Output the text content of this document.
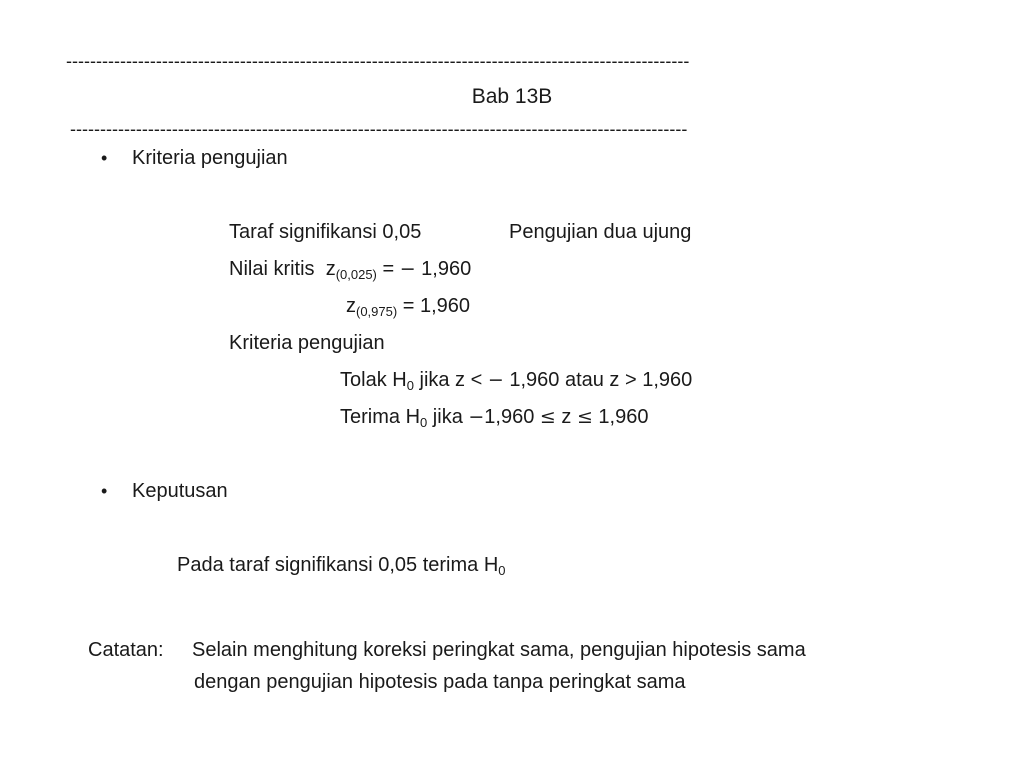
--------------------------------------------------------------------------------------------------------
Bab 13B
-------------------------------------------------------------------------------------------------------
• Kriteria pengujian
Taraf signifikansi 0,05	Pengujian dua ujung
Nilai kritis $z_{(0,025)}$ = − 1,960
$z_{(0,975)} = 1,960$
Kriteria pengujian
Tolak $H_0$ jika z < − 1,960 atau z > 1,960
Terima $H_0$ jika −1,960 ≤ z ≤ 1,960
• Keputusan
Pada taraf signifikansi 0,05 terima $H_0$
Catatan: Selain menghitung koreksi peringkat sama, pengujian hipotesis sama
dengan pengujian hipotesis pada tanpa peringkat sama
